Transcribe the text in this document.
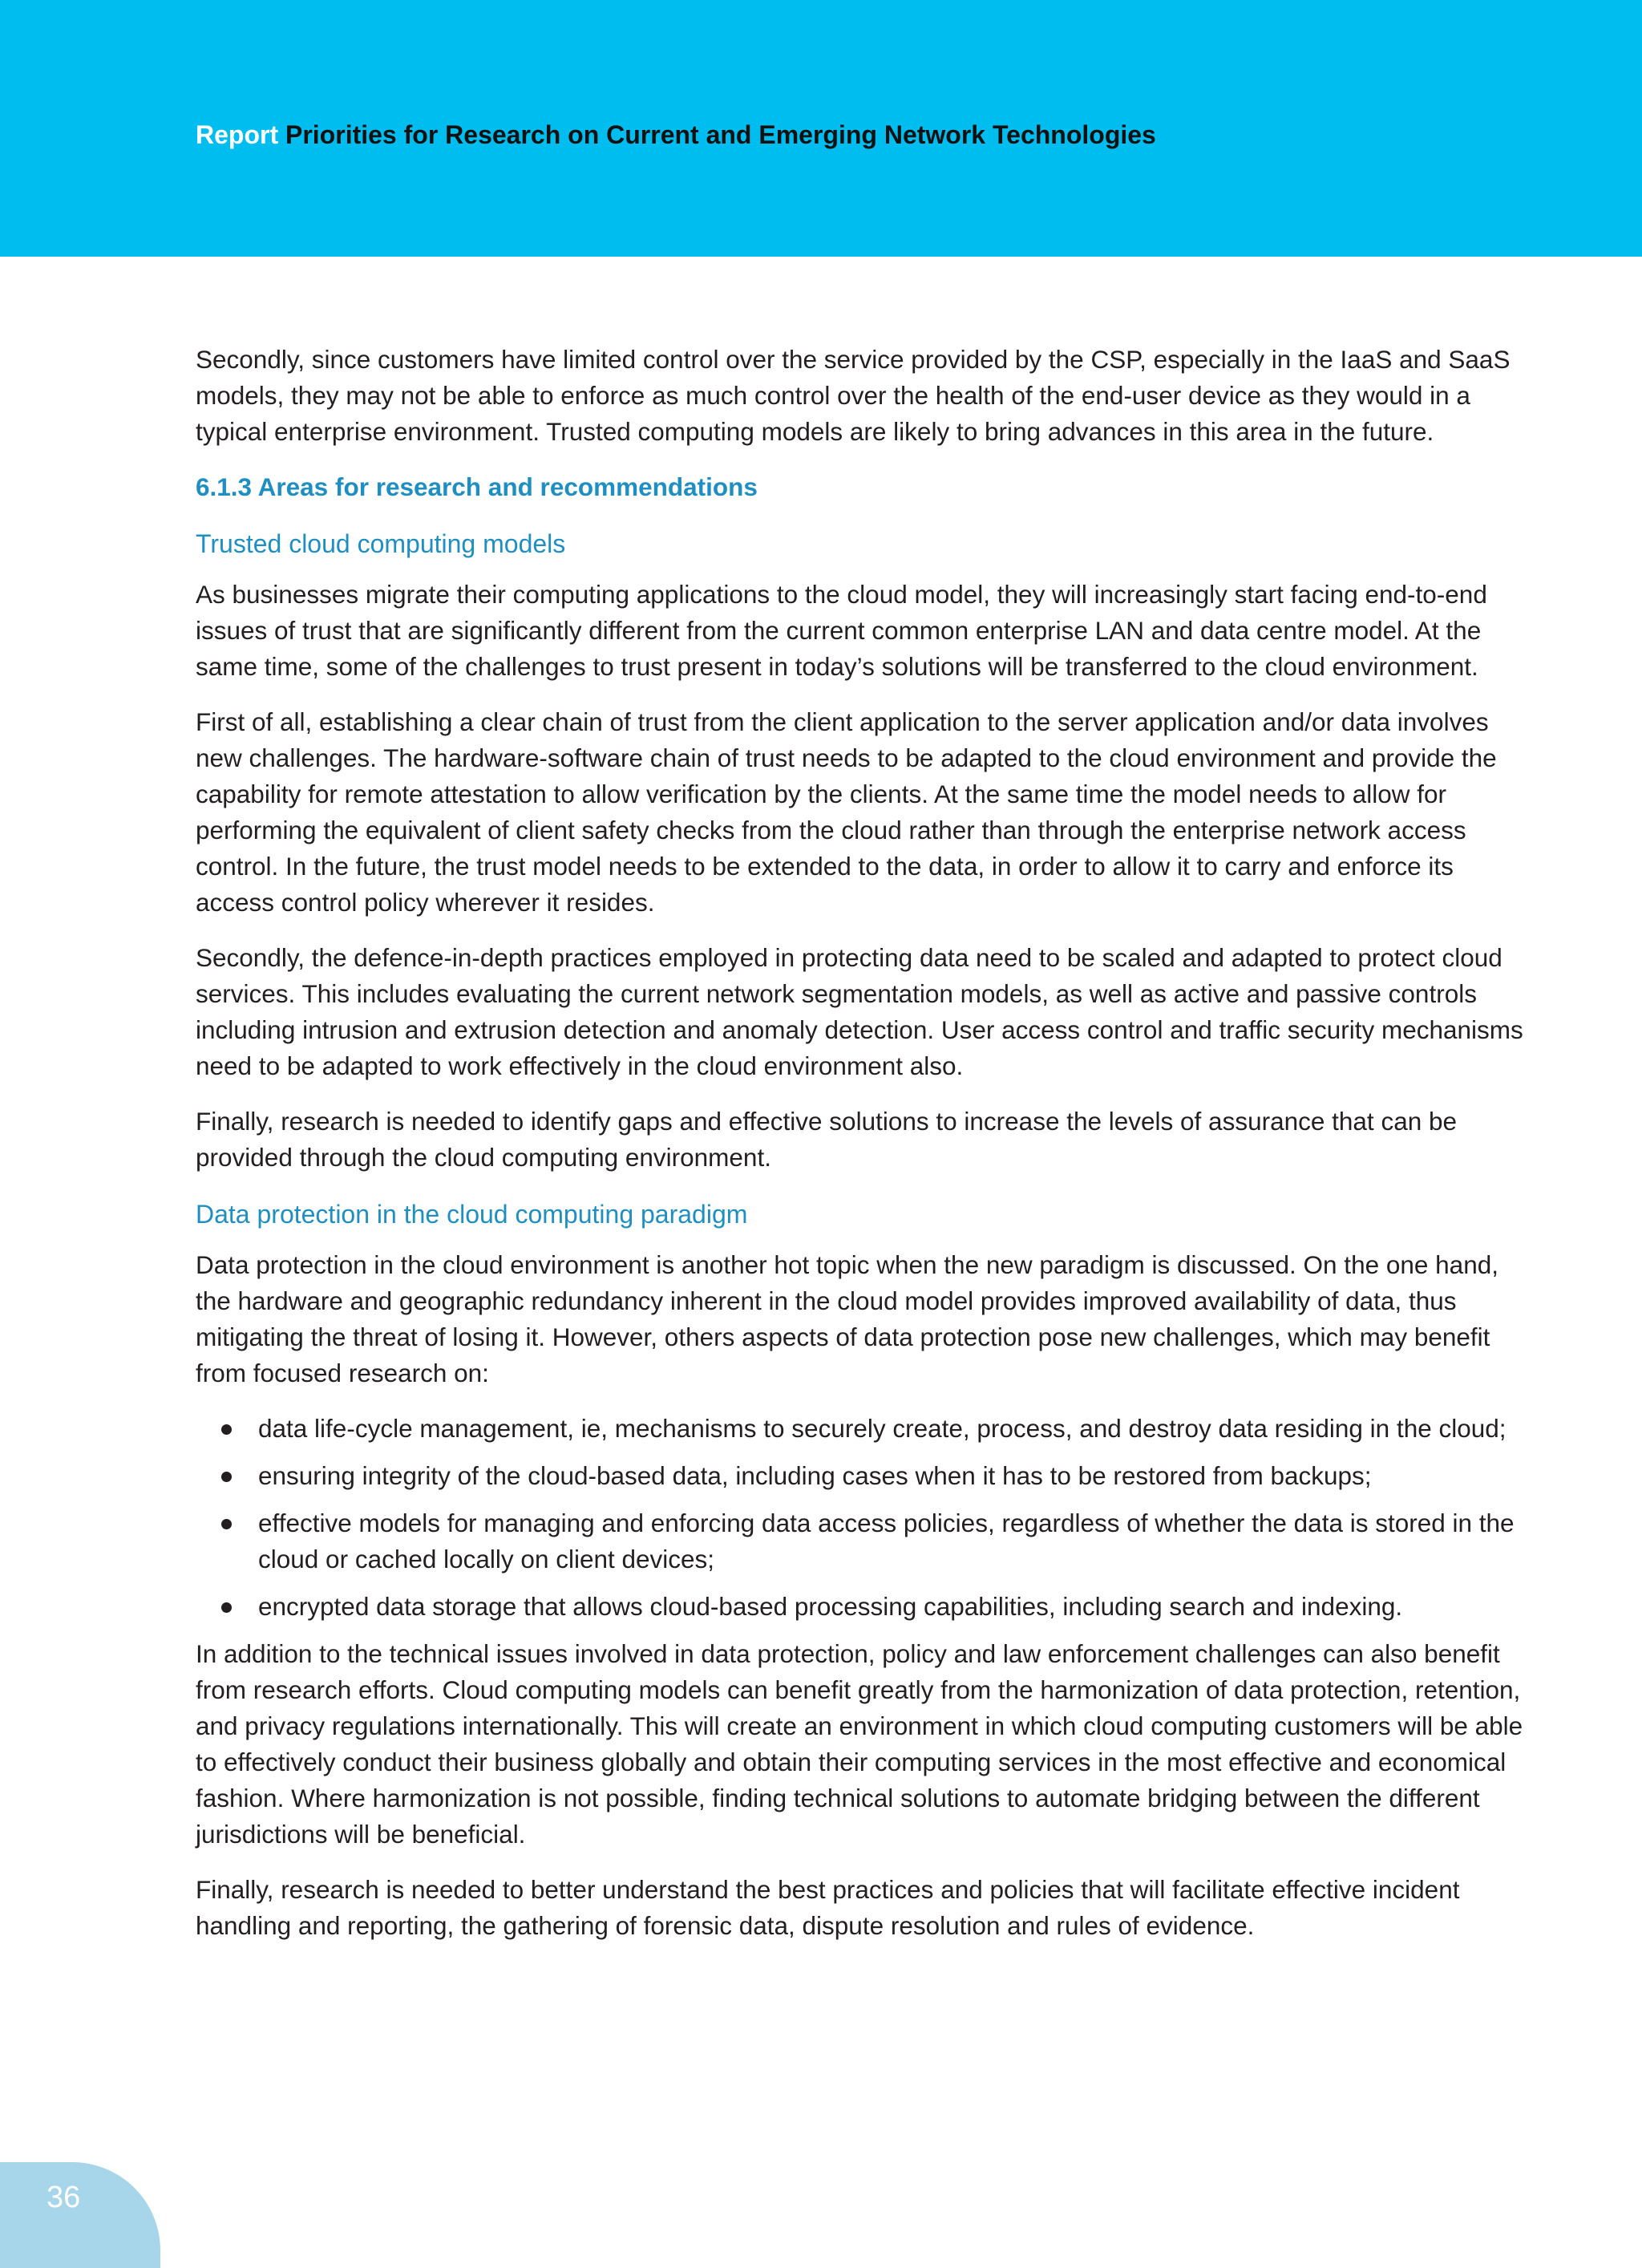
Report Priorities for Research on Current and Emerging Network Technologies

Secondly, since customers have limited control over the service provided by the CSP, especially in the IaaS and SaaS models, they may not be able to enforce as much control over the health of the end-user device as they would in a typical enterprise environment. Trusted computing models are likely to bring advances in this area in the future.

6.1.3 Areas for research and recommendations
Trusted cloud computing models

As businesses migrate their computing applications to the cloud model, they will increasingly start facing end-to-end issues of trust that are significantly different from the current common enterprise LAN and data centre model. At the same time, some of the challenges to trust present in today’s solutions will be transferred to the cloud environment.

First of all, establishing a clear chain of trust from the client application to the server application and/or data involves new challenges. The hardware-software chain of trust needs to be adapted to the cloud environment and provide the capability for remote attestation to allow verification by the clients. At the same time the model needs to allow for performing the equivalent of client safety checks from the cloud rather than through the enterprise network access control. In the future, the trust model needs to be extended to the data, in order to allow it to carry and enforce its access control policy wherever it resides.

Secondly, the defence-in-depth practices employed in protecting data need to be scaled and adapted to protect cloud services. This includes evaluating the current network segmentation models, as well as active and passive controls including intrusion and extrusion detection and anomaly detection. User access control and traffic security mechanisms need to be adapted to work effectively in the cloud environment also.

Finally, research is needed to identify gaps and effective solutions to increase the levels of assurance that can be provided through the cloud computing environment.

Data protection in the cloud computing paradigm

Data protection in the cloud environment is another hot topic when the new paradigm is discussed. On the one hand, the hardware and geographic redundancy inherent in the cloud model provides improved availability of data, thus mitigating the threat of losing it. However, others aspects of data protection pose new challenges, which may benefit from focused research on:

data life-cycle management, ie, mechanisms to securely create, process, and destroy data residing in the cloud;
ensuring integrity of the cloud-based data, including cases when it has to be restored from backups;
effective models for managing and enforcing data access policies, regardless of whether the data is stored in the cloud or cached locally on client devices;
encrypted data storage that allows cloud-based processing capabilities, including search and indexing.

In addition to the technical issues involved in data protection, policy and law enforcement challenges can also benefit from research efforts. Cloud computing models can benefit greatly from the harmonization of data protection, retention, and privacy regulations internationally. This will create an environment in which cloud computing customers will be able to effectively conduct their business globally and obtain their computing services in the most effective and economical fashion. Where harmonization is not possible, finding technical solutions to automate bridging between the different jurisdictions will be beneficial.

Finally, research is needed to better understand the best practices and policies that will facilitate effective incident handling and reporting, the gathering of forensic data, dispute resolution and rules of evidence.

36
